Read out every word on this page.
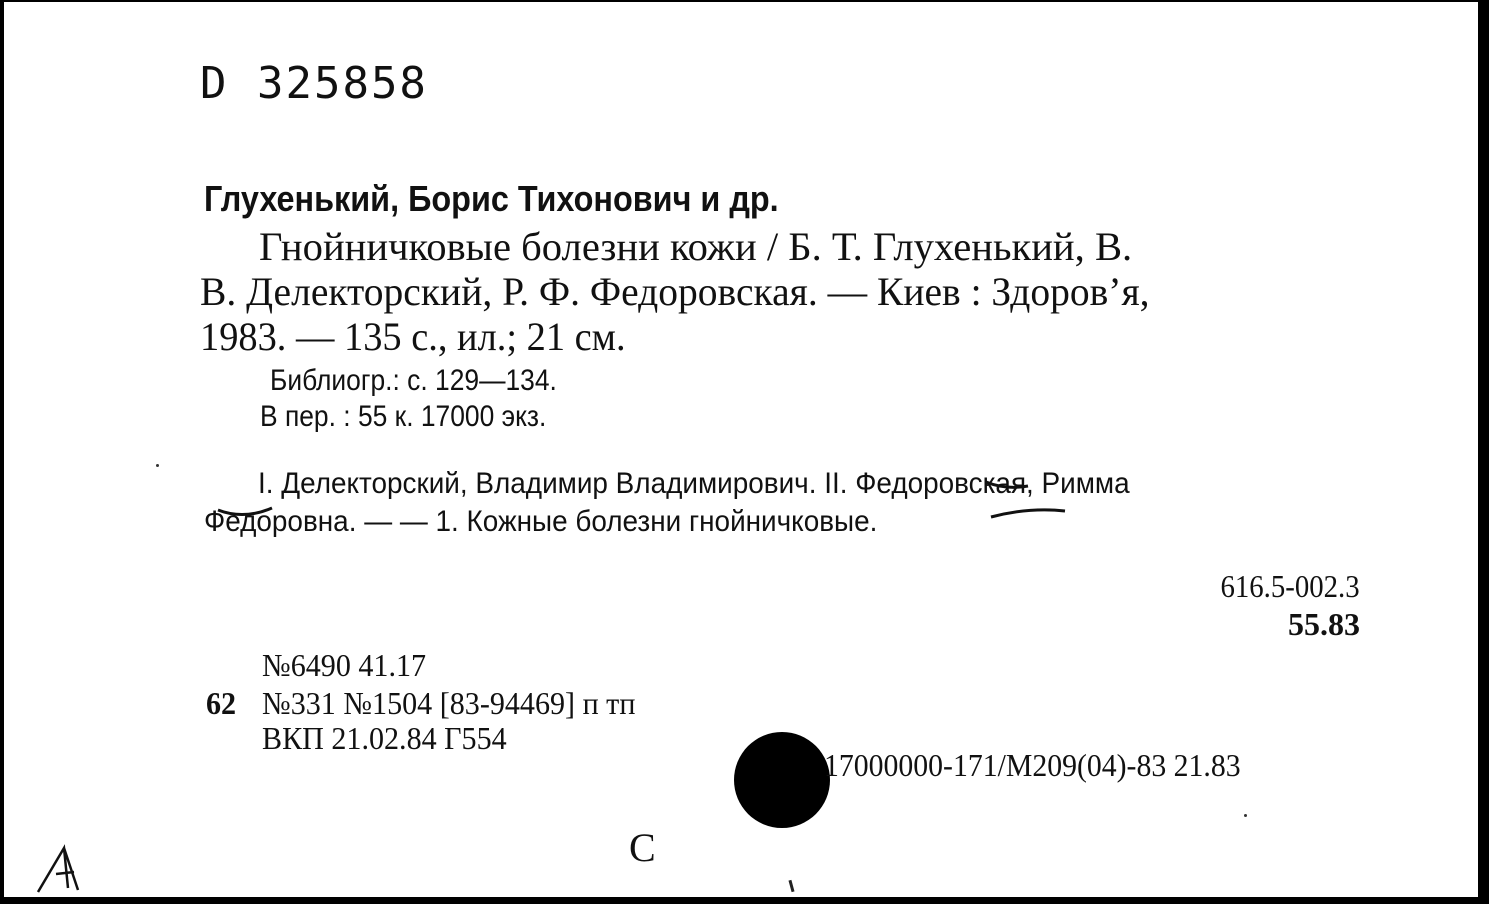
D 325858
Глухенький, Борис Тихонович и др.
Гнойничковые болезни кожи / Б. Т. Глухенький, В.
В. Делекторский, Р. Ф. Федоровская. — Киев : Здоров’я,
1983. — 135 с., ил.; 21 см.
Библиогр.: с. 129—134.
В пер. : 55 к. 17000 экз.
I. Делекторский, Владимир Владимирович. II. Федоровская, Римма
Федоровна. — — 1. Кожные болезни гнойничковые.
616.5-002.3
55.83
№6490 41.17
62 №331 №1504 [83-94469] п тп
ВКП 21.02.84 Г554
17000000-171/М209(04)-83 21.83
С
